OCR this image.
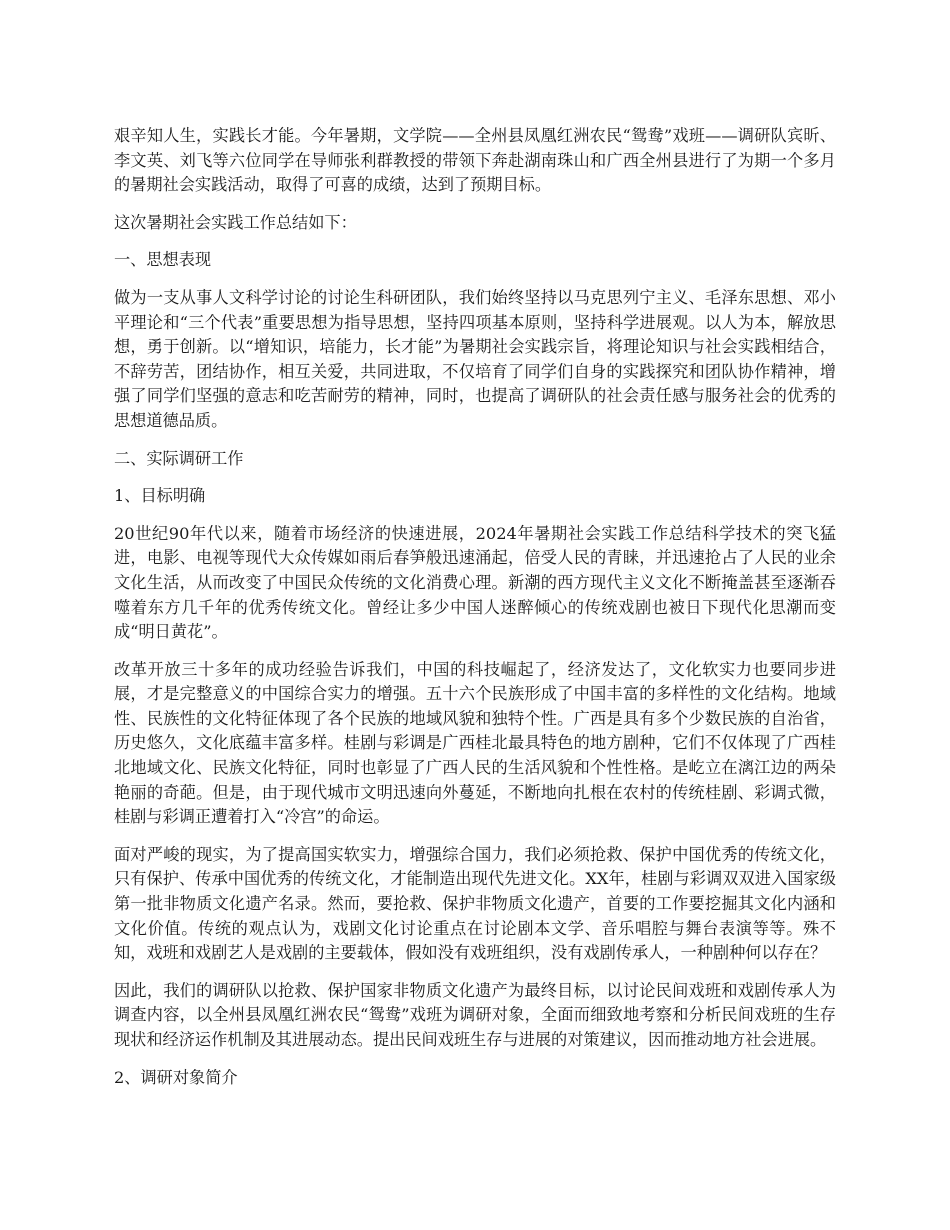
艰辛知人生，实践长才能。今年暑期，文学院——全州县凤凰红洲农民“鸳鸯”戏班——调研队宾昕、李文英、刘飞等六位同学在导师张利群教授的带领下奔赴湖南珠山和广西全州县进行了为期一个多月的暑期社会实践活动，取得了可喜的成绩，达到了预期目标。

这次暑期社会实践工作总结如下：

一、思想表现

做为一支从事人文科学讨论的讨论生科研团队，我们始终坚持以马克思列宁主义、毛泽东思想、邓小平理论和“三个代表”重要思想为指导思想，坚持四项基本原则，坚持科学进展观。以人为本，解放思想，勇于创新。以“增知识，培能力，长才能”为暑期社会实践宗旨，将理论知识与社会实践相结合，不辞劳苦，团结协作，相互关爱，共同进取，不仅培育了同学们自身的实践探究和团队协作精神，增强了同学们坚强的意志和吃苦耐劳的精神，同时，也提高了调研队的社会责任感与服务社会的优秀的思想道德品质。

二、实际调研工作

1、目标明确

20世纪90年代以来，随着市场经济的快速进展，2024年暑期社会实践工作总结科学技术的突飞猛进，电影、电视等现代大众传媒如雨后春笋般迅速涌起，倍受人民的青睐，并迅速抢占了人民的业余文化生活，从而改变了中国民众传统的文化消费心理。新潮的西方现代主义文化不断掩盖甚至逐渐吞噬着东方几千年的优秀传统文化。曾经让多少中国人迷醉倾心的传统戏剧也被日下现代化思潮而变成“明日黄花”。

改革开放三十多年的成功经验告诉我们，中国的科技崛起了，经济发达了，文化软实力也要同步进展，才是完整意义的中国综合实力的增强。五十六个民族形成了中国丰富的多样性的文化结构。地域性、民族性的文化特征体现了各个民族的地域风貌和独特个性。广西是具有多个少数民族的自治省，历史悠久，文化底蕴丰富多样。桂剧与彩调是广西桂北最具特色的地方剧种，它们不仅体现了广西桂北地域文化、民族文化特征，同时也彰显了广西人民的生活风貌和个性性格。是屹立在漓江边的两朵艳丽的奇葩。但是，由于现代城市文明迅速向外蔓延，不断地向扎根在农村的传统桂剧、彩调式微，桂剧与彩调正遭着打入“冷宫”的命运。

面对严峻的现实，为了提高国实软实力，增强综合国力，我们必须抢救、保护中国优秀的传统文化，只有保护、传承中国优秀的传统文化，才能制造出现代先进文化。XX年，桂剧与彩调双双进入国家级第一批非物质文化遗产名录。然而，要抢救、保护非物质文化遗产，首要的工作要挖掘其文化内涵和文化价值。传统的观点认为，戏剧文化讨论重点在讨论剧本文学、音乐唱腔与舞台表演等等。殊不知，戏班和戏剧艺人是戏剧的主要载体，假如没有戏班组织，没有戏剧传承人，一种剧种何以存在？

因此，我们的调研队以抢救、保护国家非物质文化遗产为最终目标，以讨论民间戏班和戏剧传承人为调查内容，以全州县凤凰红洲农民“鸳鸯”戏班为调研对象，全面而细致地考察和分析民间戏班的生存现状和经济运作机制及其进展动态。提出民间戏班生存与进展的对策建议，因而推动地方社会进展。

2、调研对象简介
